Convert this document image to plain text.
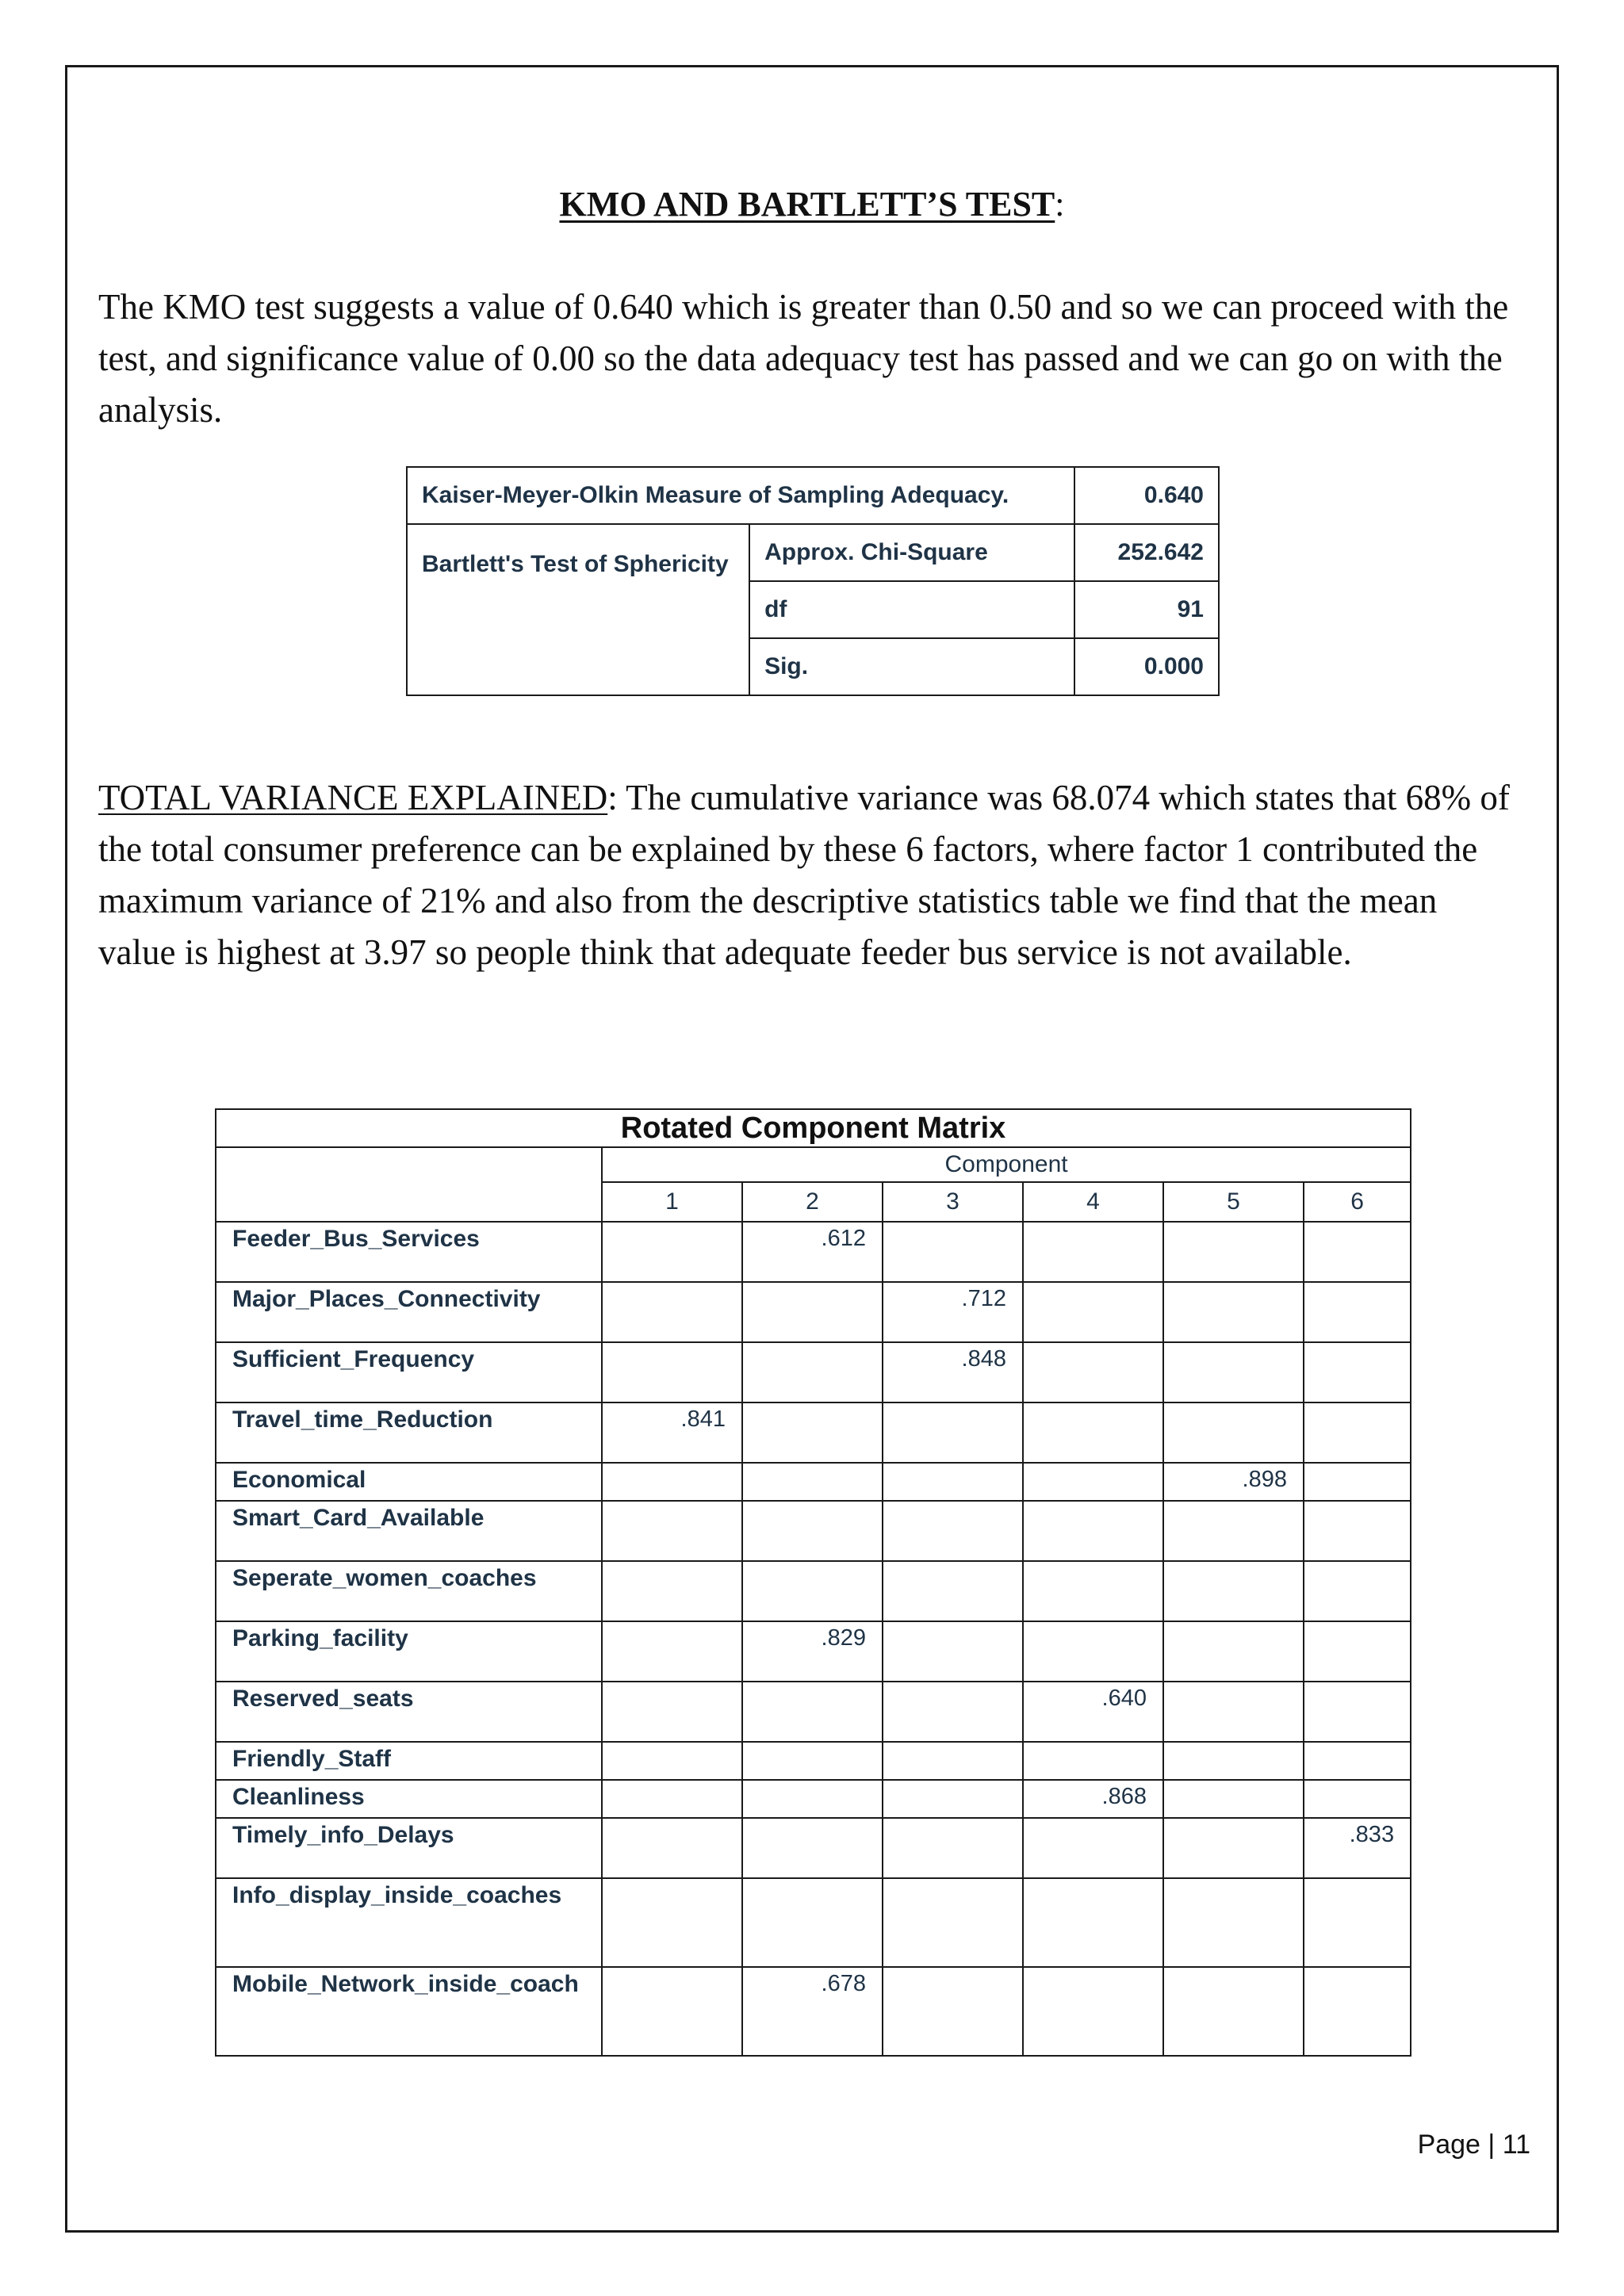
KMO AND BARTLETT’S TEST:

The KMO test suggests a value of 0.640 which is greater than 0.50 and so we can proceed with the test, and significance value of 0.00 so the data adequacy test has passed and we can go on with the analysis.

Kaiser-Meyer-Olkin Measure of Sampling Adequacy.		0.640
Bartlett's Test of Sphericity	Approx. Chi-Square	252.642
	df	91
	Sig.	0.000

TOTAL VARIANCE EXPLAINED: The cumulative variance was 68.074 which states that 68% of the total consumer preference can be explained by these 6 factors, where factor 1 contributed the maximum variance of 21% and also from the descriptive statistics table we find that the mean value is highest at 3.97 so people think that adequate feeder bus service is not available.

Rotated Component Matrix						
	Component					
	1	2	3	4	5	6
Feeder_Bus_Services		.612				
Major_Places_Connectivity			.712			
Sufficient_Frequency			.848			
Travel_time_Reduction	.841					
Economical					.898	
Smart_Card_Available						
Seperate_women_coaches						
Parking_facility		.829				
Reserved_seats				.640		
Friendly_Staff						
Cleanliness				.868		
Timely_info_Delays						.833
Info_display_inside_coaches						
Mobile_Network_inside_coach		.678				
Page | 11
